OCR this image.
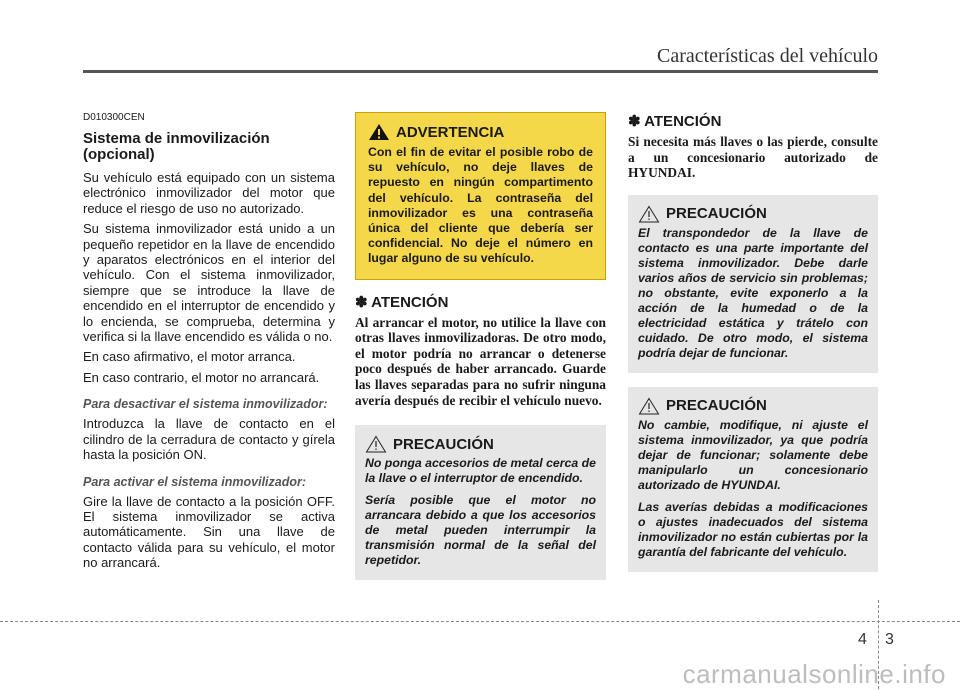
Características del vehículo
D010300CEN
Sistema de inmovilización (opcional)

Su vehículo está equipado con un sistema electrónico inmovilizador del motor que reduce el riesgo de uso no autorizado.

Su sistema inmovilizador está unido a un pequeño repetidor en la llave de encendido y aparatos electrónicos en el interior del vehículo. Con el sistema inmovilizador, siempre que se introduce la llave de encendido en el interruptor de encendido y lo encienda, se comprueba, determina y verifica si la llave encendido es válida o no.

En caso afirmativo, el motor arranca.

En caso contrario, el motor no arrancará.

Para desactivar el sistema inmovilizador:

Introduzca la llave de contacto en el cilindro de la cerradura de contacto y gírela hasta la posición ON.

Para activar el sistema inmovilizador:

Gire la llave de contacto a la posición OFF. El sistema inmovilizador se activa automáticamente. Sin una llave de contacto válida para su vehículo, el motor no arrancará.

ADVERTENCIA
Con el fin de evitar el posible robo de su vehículo, no deje llaves de repuesto en ningún compartimento del vehículo. La contraseña del inmovilizador es una contraseña única del cliente que debería ser confidencial. No deje el número en lugar alguno de su vehículo.
✽ ATENCIÓN

Al arrancar el motor, no utilice la llave con otras llaves inmovilizadoras. De otro modo, el motor podría no arrancar o detenerse poco después de haber arrancado. Guarde las llaves separadas para no sufrir ninguna avería después de recibir el vehículo nuevo.

PRECAUCIÓN

No ponga accesorios de metal cerca de la llave o el interruptor de encendido.

Sería posible que el motor no arrancara debido a que los accesorios de metal pueden interrumpir la transmisión normal de la señal del repetidor.

✽ ATENCIÓN

Si necesita más llaves o las pierde, consulte a un concesionario autorizado de HYUNDAI.

PRECAUCIÓN

El transpondedor de la llave de contacto es una parte importante del sistema inmovilizador. Debe darle varios años de servicio sin problemas; no obstante, evite exponerlo a la acción de la humedad o de la electricidad estática y trátelo con cuidado. De otro modo, el sistema podría dejar de funcionar.

PRECAUCIÓN

No cambie, modifique, ni ajuste el sistema inmovilizador, ya que podría dejar de funcionar; solamente debe manipularlo un concesionario autorizado de HYUNDAI.

Las averías debidas a modificaciones o ajustes inadecuados del sistema inmovilizador no están cubiertas por la garantía del fabricante del vehículo.

4 3
carmanualsonline.info
